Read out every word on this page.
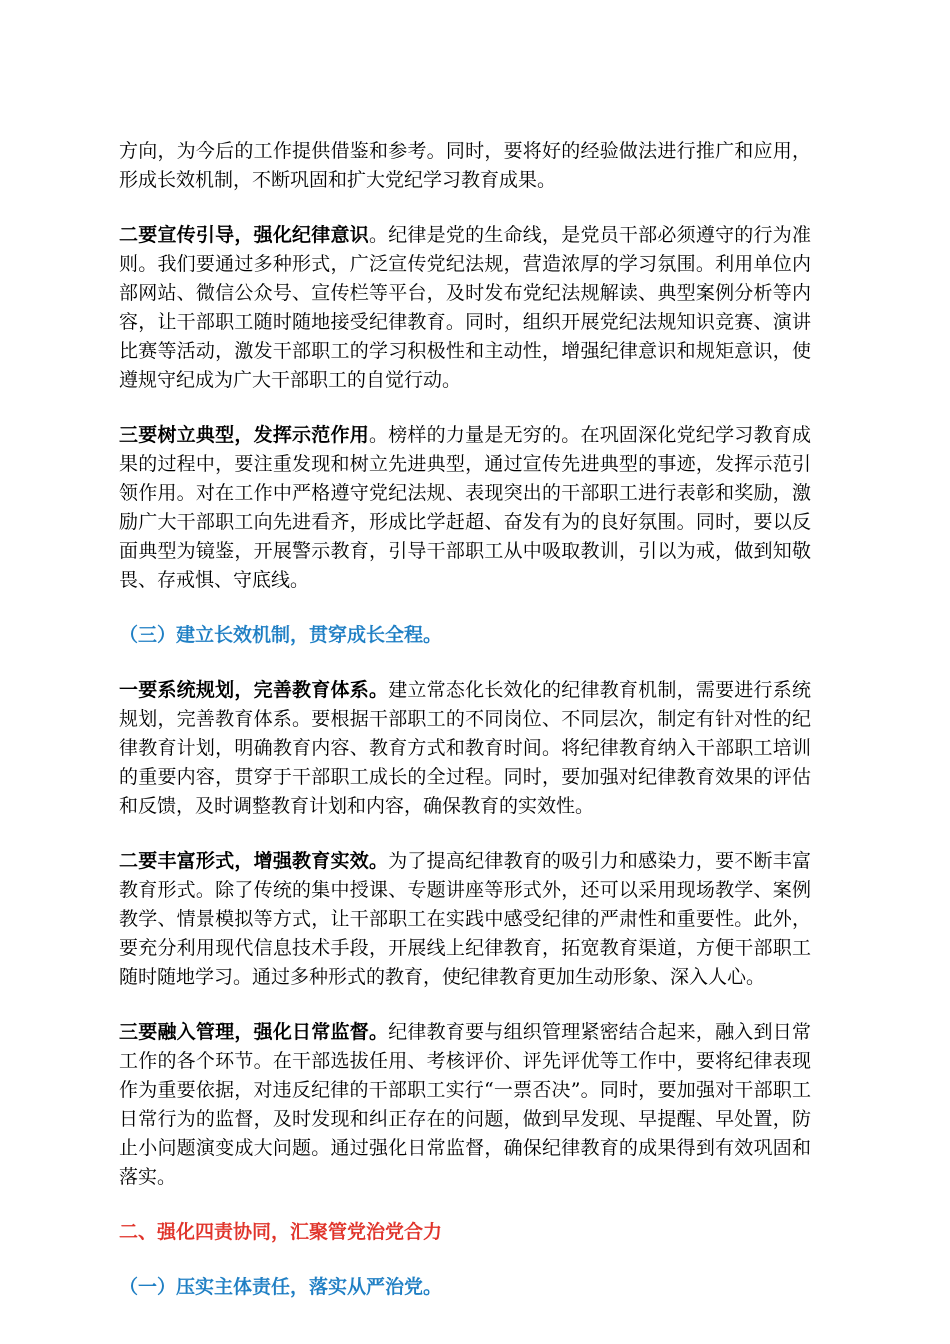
方向，为今后的工作提供借鉴和参考。同时，要将好的经验做法进行推广和应用，形成长效机制，不断巩固和扩大党纪学习教育成果。

二要宣传引导，强化纪律意识。纪律是党的生命线，是党员干部必须遵守的行为准则。我们要通过多种形式，广泛宣传党纪法规，营造浓厚的学习氛围。利用单位内部网站、微信公众号、宣传栏等平台，及时发布党纪法规解读、典型案例分析等内容，让干部职工随时随地接受纪律教育。同时，组织开展党纪法规知识竞赛、演讲比赛等活动，激发干部职工的学习积极性和主动性，增强纪律意识和规矩意识，使遵规守纪成为广大干部职工的自觉行动。

三要树立典型，发挥示范作用。榜样的力量是无穷的。在巩固深化党纪学习教育成果的过程中，要注重发现和树立先进典型，通过宣传先进典型的事迹，发挥示范引领作用。对在工作中严格遵守党纪法规、表现突出的干部职工进行表彰和奖励，激励广大干部职工向先进看齐，形成比学赶超、奋发有为的良好氛围。同时，要以反面典型为镜鉴，开展警示教育，引导干部职工从中吸取教训，引以为戒，做到知敬畏、存戒惧、守底线。

（三）建立长效机制，贯穿成长全程。

一要系统规划，完善教育体系。建立常态化长效化的纪律教育机制，需要进行系统规划，完善教育体系。要根据干部职工的不同岗位、不同层次，制定有针对性的纪律教育计划，明确教育内容、教育方式和教育时间。将纪律教育纳入干部职工培训的重要内容，贯穿于干部职工成长的全过程。同时，要加强对纪律教育效果的评估和反馈，及时调整教育计划和内容，确保教育的实效性。

二要丰富形式，增强教育实效。为了提高纪律教育的吸引力和感染力，要不断丰富教育形式。除了传统的集中授课、专题讲座等形式外，还可以采用现场教学、案例教学、情景模拟等方式，让干部职工在实践中感受纪律的严肃性和重要性。此外，要充分利用现代信息技术手段，开展线上纪律教育，拓宽教育渠道，方便干部职工随时随地学习。通过多种形式的教育，使纪律教育更加生动形象、深入人心。

三要融入管理，强化日常监督。纪律教育要与组织管理紧密结合起来，融入到日常工作的各个环节。在干部选拔任用、考核评价、评先评优等工作中，要将纪律表现作为重要依据，对违反纪律的干部职工实行“一票否决”。同时，要加强对干部职工日常行为的监督，及时发现和纠正存在的问题，做到早发现、早提醒、早处置，防止小问题演变成大问题。通过强化日常监督，确保纪律教育的成果得到有效巩固和落实。

二、强化四责协同，汇聚管党治党合力

（一）压实主体责任，落实从严治党。
